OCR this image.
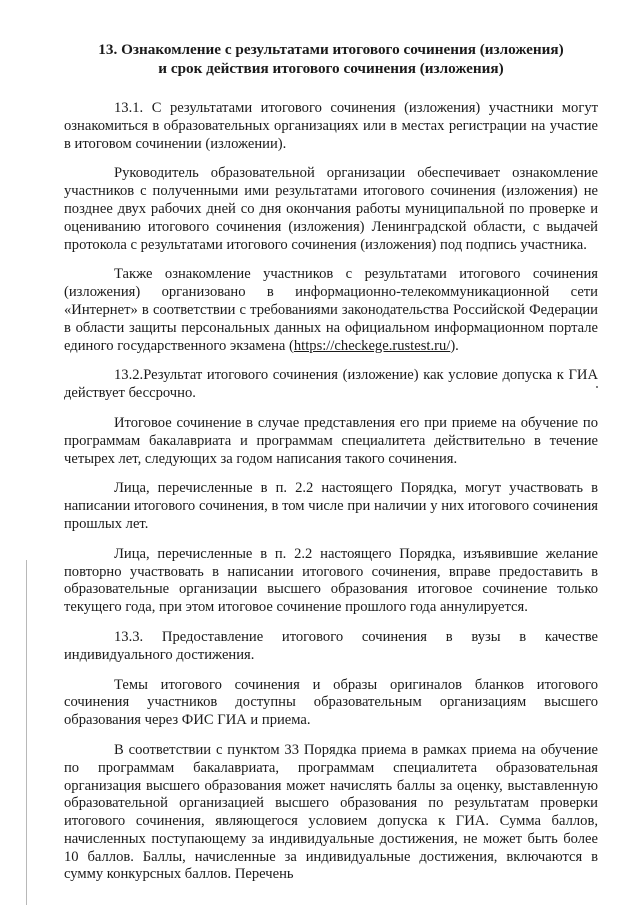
13. Ознакомление с результатами итогового сочинения (изложения)
и срок действия итогового сочинения (изложения)

13.1. С результатами итогового сочинения (изложения) участники могут ознакомиться в образовательных организациях или в местах регистрации на участие в итоговом сочинении (изложении).

Руководитель образовательной организации обеспечивает ознакомление участников с полученными ими результатами итогового сочинения (изложения) не позднее двух рабочих дней со дня окончания работы муниципальной по проверке и оцениванию итогового сочинения (изложения) Ленинградской области, с выдачей протокола с результатами итогового сочинения (изложения) под подпись участника.

Также ознакомление участников с результатами итогового сочинения (изложения) организовано в информационно-телекоммуникационной сети «Интернет» в соответствии с требованиями законодательства Российской Федерации в области защиты персональных данных на официальном информационном портале единого государственного экзамена (https://checkege.rustest.ru/).

13.2.Результат итогового сочинения (изложение) как условие допуска к ГИА действует бессрочно.

Итоговое сочинение в случае представления его при приеме на обучение по программам бакалавриата и программам специалитета действительно в течение четырех лет, следующих за годом написания такого сочинения.

Лица, перечисленные в п. 2.2 настоящего Порядка, могут участвовать в написании итогового сочинения, в том числе при наличии у них итогового сочинения прошлых лет.

Лица, перечисленные в п. 2.2 настоящего Порядка, изъявившие желание повторно участвовать в написании итогового сочинения, вправе предоставить в образовательные организации высшего образования итоговое сочинение только текущего года, при этом итоговое сочинение прошлого года аннулируется.

13.3. Предоставление итогового сочинения в вузы в качестве индивидуального достижения.

Темы итогового сочинения и образы оригиналов бланков итогового сочинения участников доступны образовательным организациям высшего образования через ФИС ГИА и приема.

В соответствии с пунктом 33 Порядка приема в рамках приема на обучение по программам бакалавриата, программам специалитета образовательная организация высшего образования может начислять баллы за оценку, выставленную образовательной организацией высшего образования по результатам проверки итогового сочинения, являющегося условием допуска к ГИА. Сумма баллов, начисленных поступающему за индивидуальные достижения, не может быть более 10 баллов. Баллы, начисленные за индивидуальные достижения, включаются в сумму конкурсных баллов. Перечень
